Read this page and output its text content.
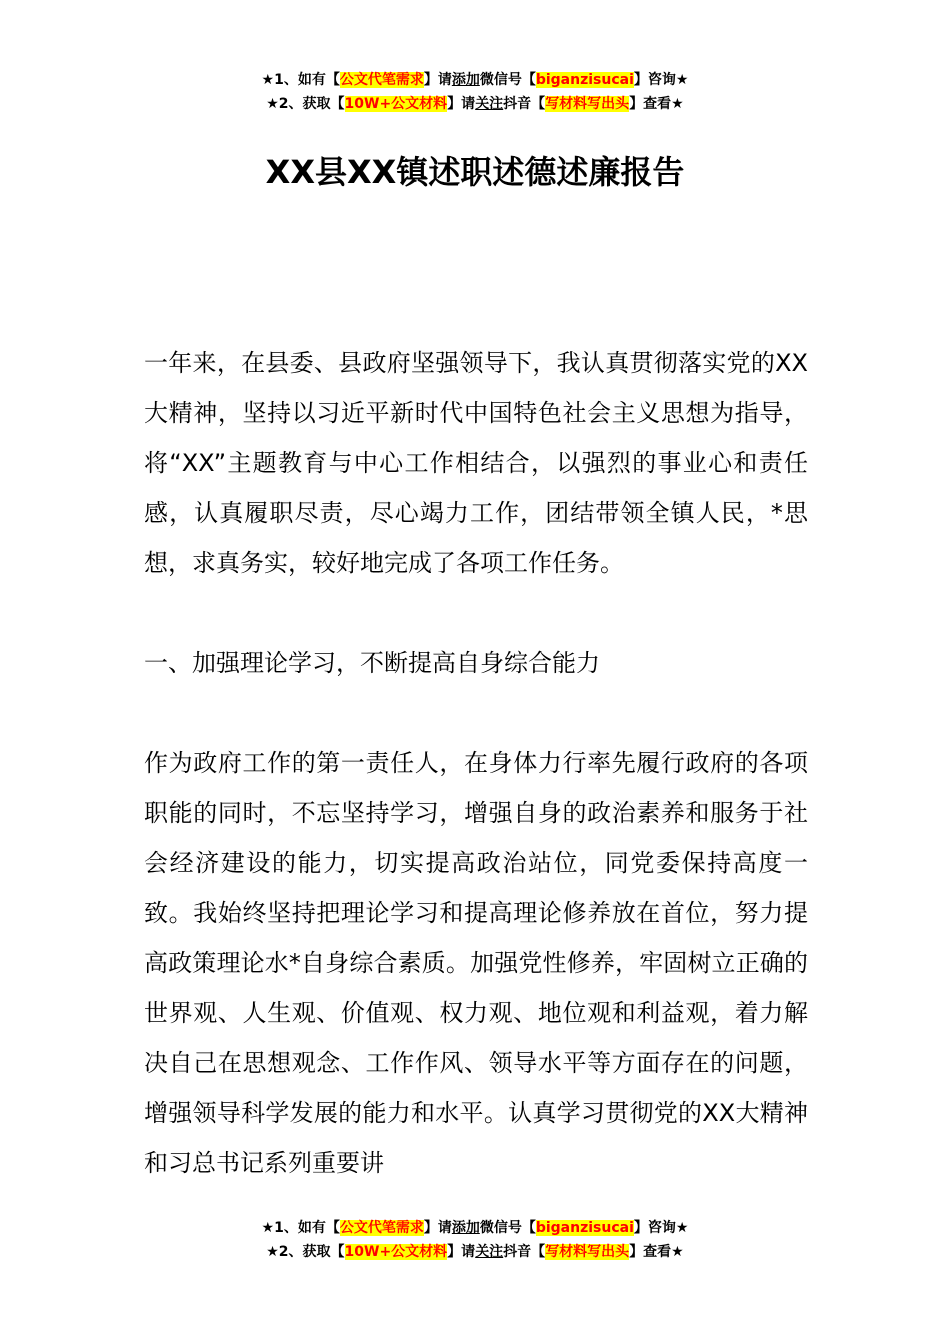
★1、如有【公文代笔需求】请添加微信号【biganzisucai】咨询★
★2、获取【10W+公文材料】请关注抖音【写材料写出头】查看★
XX县XX镇述职述德述廉报告

一年来，在县委、县政府坚强领导下，我认真贯彻落实党的XX大精神，坚持以习近平新时代中国特色社会主义思想为指导，将“XX”主题教育与中心工作相结合，以强烈的事业心和责任感，认真履职尽责，尽心竭力工作，团结带领全镇人民，*思想，求真务实，较好地完成了各项工作任务。

一、加强理论学习，不断提高自身综合能力

作为政府工作的第一责任人，在身体力行率先履行政府的各项职能的同时，不忘坚持学习，增强自身的政治素养和服务于社会经济建设的能力，切实提高政治站位，同党委保持高度一致。我始终坚持把理论学习和提高理论修养放在首位，努力提高政策理论水*自身综合素质。加强党性修养，牢固树立正确的世界观、人生观、价值观、权力观、地位观和利益观，着力解决自己在思想观念、工作作风、领导水平等方面存在的问题，增强领导科学发展的能力和水平。认真学习贯彻党的XX大精神和习总书记系列重要讲

★1、如有【公文代笔需求】请添加微信号【biganzisucai】咨询★
★2、获取【10W+公文材料】请关注抖音【写材料写出头】查看★
